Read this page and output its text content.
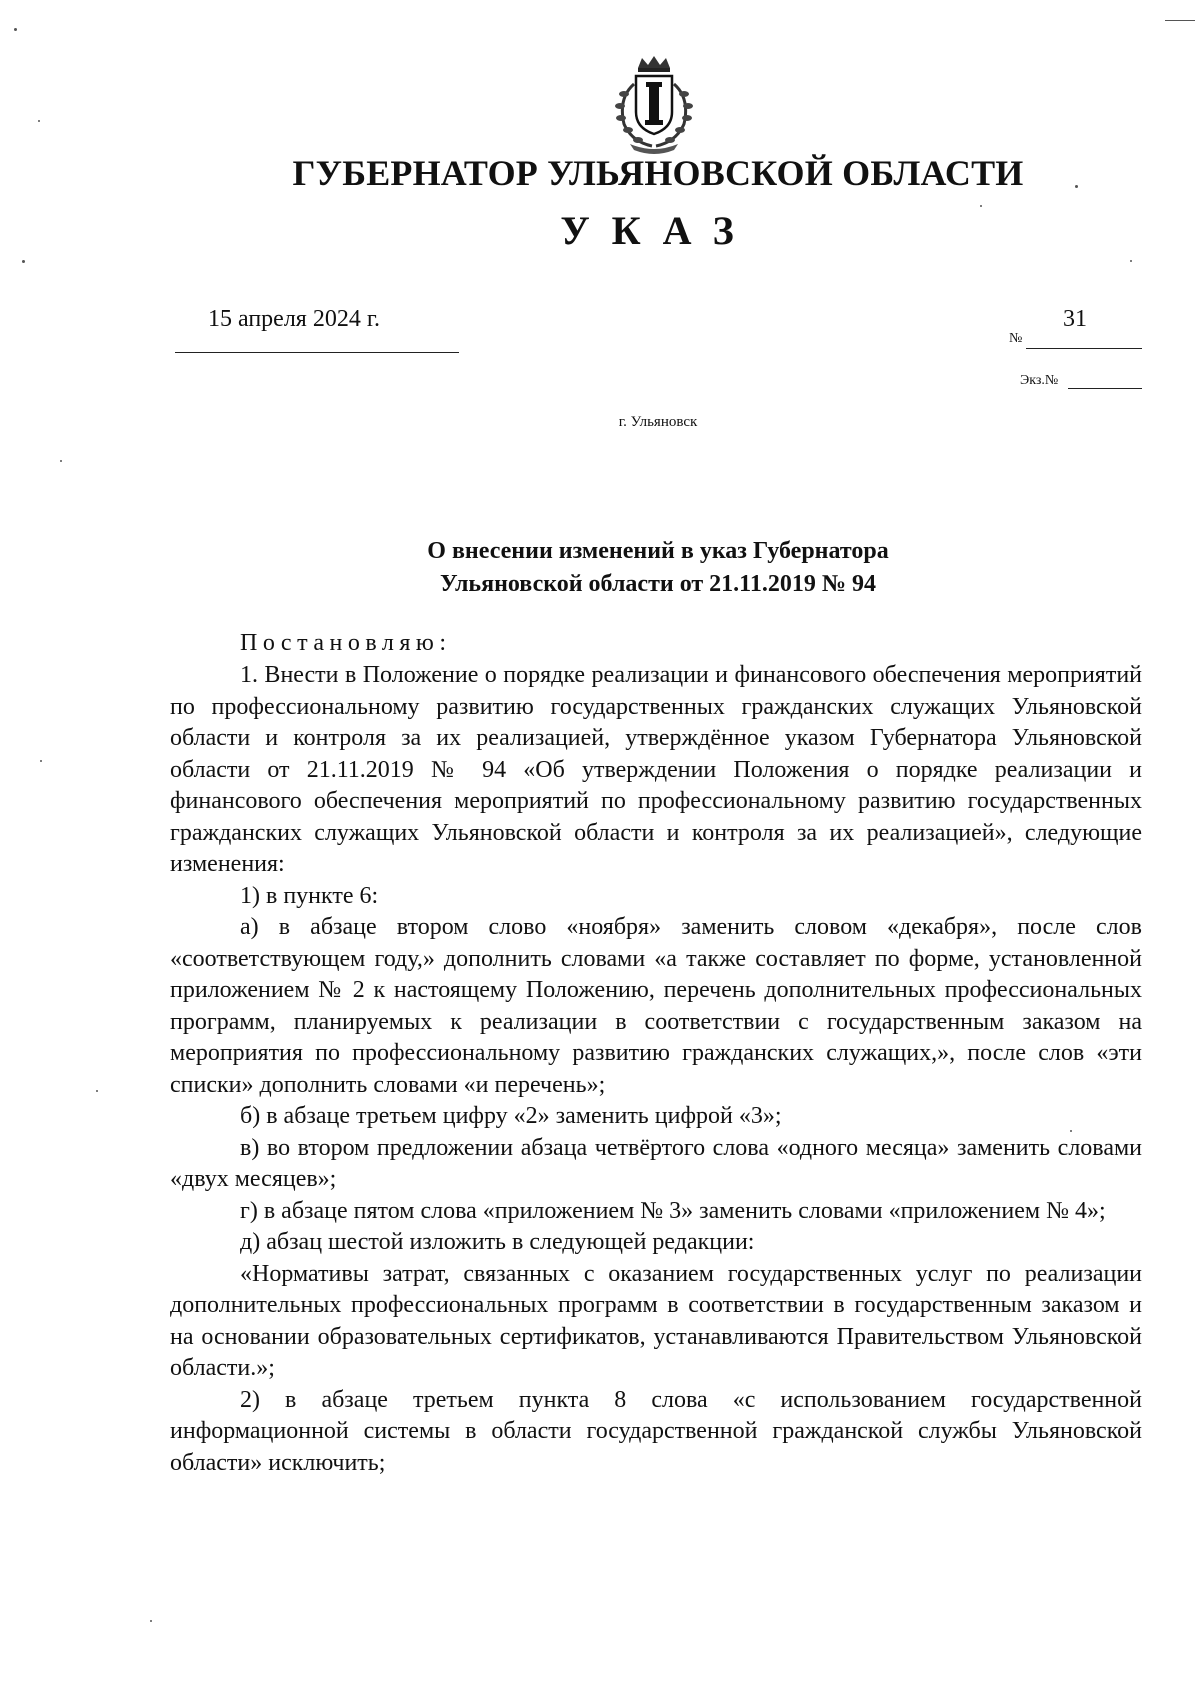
ГУБЕРНАТОР УЛЬЯНОВСКОЙ ОБЛАСТИ
УКАЗ
15 апреля 2024 г.
№
31
Экз.№
г. Ульяновск
О внесении изменений в указ Губернатора
Ульяновской области от 21.11.2019 № 94
Постановляю:

1. Внести в Положение о порядке реализации и финансового обеспечения мероприятий по профессиональному развитию государственных гражданских служащих Ульяновской области и контроля за их реализацией, утверждённое указом Губернатора Ульяновской области от 21.11.2019 № 94 «Об утверждении Положения о порядке реализации и финансового обеспечения мероприятий по профессиональному развитию государственных гражданских служащих Ульяновской области и контроля за их реализацией», следующие изменения:

1) в пункте 6:

а) в абзаце втором слово «ноября» заменить словом «декабря», после слов «соответствующем году,» дополнить словами «а также составляет по форме, установленной приложением № 2 к настоящему Положению, перечень дополнительных профессиональных программ, планируемых к реализации в соответствии с государственным заказом на мероприятия по профессиональному развитию гражданских служащих,», после слов «эти списки» дополнить словами «и перечень»;

б) в абзаце третьем цифру «2» заменить цифрой «3»;

в) во втором предложении абзаца четвёртого слова «одного месяца» заменить словами «двух месяцев»;

г) в абзаце пятом слова «приложением № 3» заменить словами «приложением № 4»;

д) абзац шестой изложить в следующей редакции:

«Нормативы затрат, связанных с оказанием государственных услуг по реализации дополнительных профессиональных программ в соответствии в государственным заказом и на основании образовательных сертификатов, устанавливаются Правительством Ульяновской области.»;

2) в абзаце третьем пункта 8 слова «с использованием государственной информационной системы в области государственной гражданской службы Ульяновской области» исключить;
